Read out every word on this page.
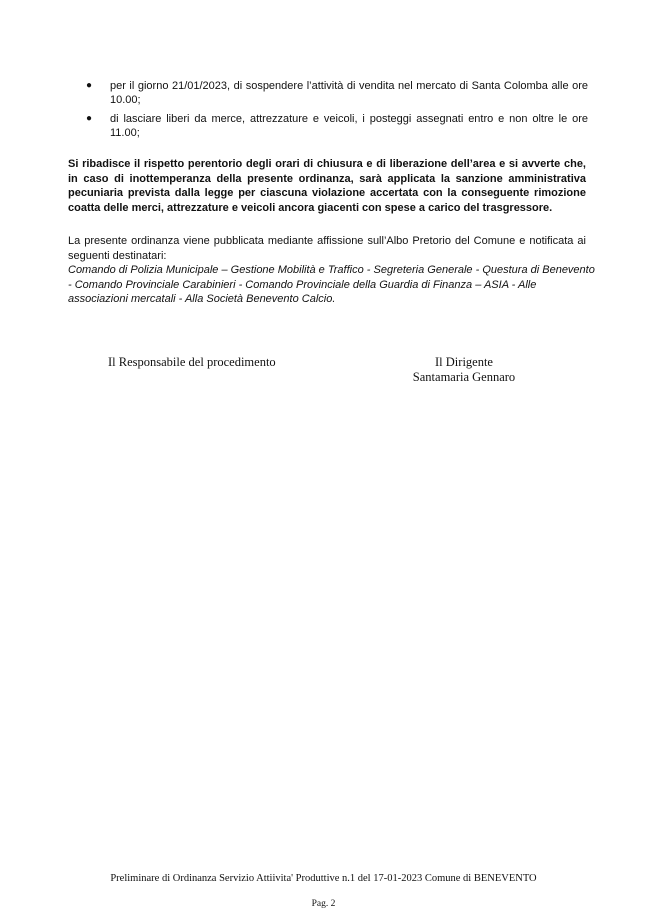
● per il giorno 21/01/2023, di sospendere l’attività di vendita nel mercato di Santa Colomba alle ore 10.00;
● di lasciare liberi da merce, attrezzature e veicoli, i posteggi assegnati entro e non oltre le ore 11.00;

Si ribadisce il rispetto perentorio degli orari di chiusura e di liberazione dell’area e si avverte che, in caso di inottemperanza della presente ordinanza, sarà applicata la sanzione amministrativa pecuniaria prevista dalla legge per ciascuna violazione accertata con la conseguente rimozione coatta delle merci, attrezzature e veicoli ancora giacenti con spese a carico del trasgressore.

La presente ordinanza viene pubblicata mediante affissione sull’Albo Pretorio del Comune e notificata ai seguenti destinatari:

Comando di Polizia Municipale – Gestione Mobilità e Traffico - Segreteria Generale - Questura di Benevento - Comando Provinciale Carabinieri - Comando Provinciale della Guardia di Finanza – ASIA - Alle associazioni mercatali - Alla Società Benevento Calcio.

Il Responsabile del procedimento	Il Dirigente
Santamaria Gennaro
Preliminare di Ordinanza Servizio Attiivita' Produttive n.1 del 17-01-2023 Comune di BENEVENTO
Pag. 2
